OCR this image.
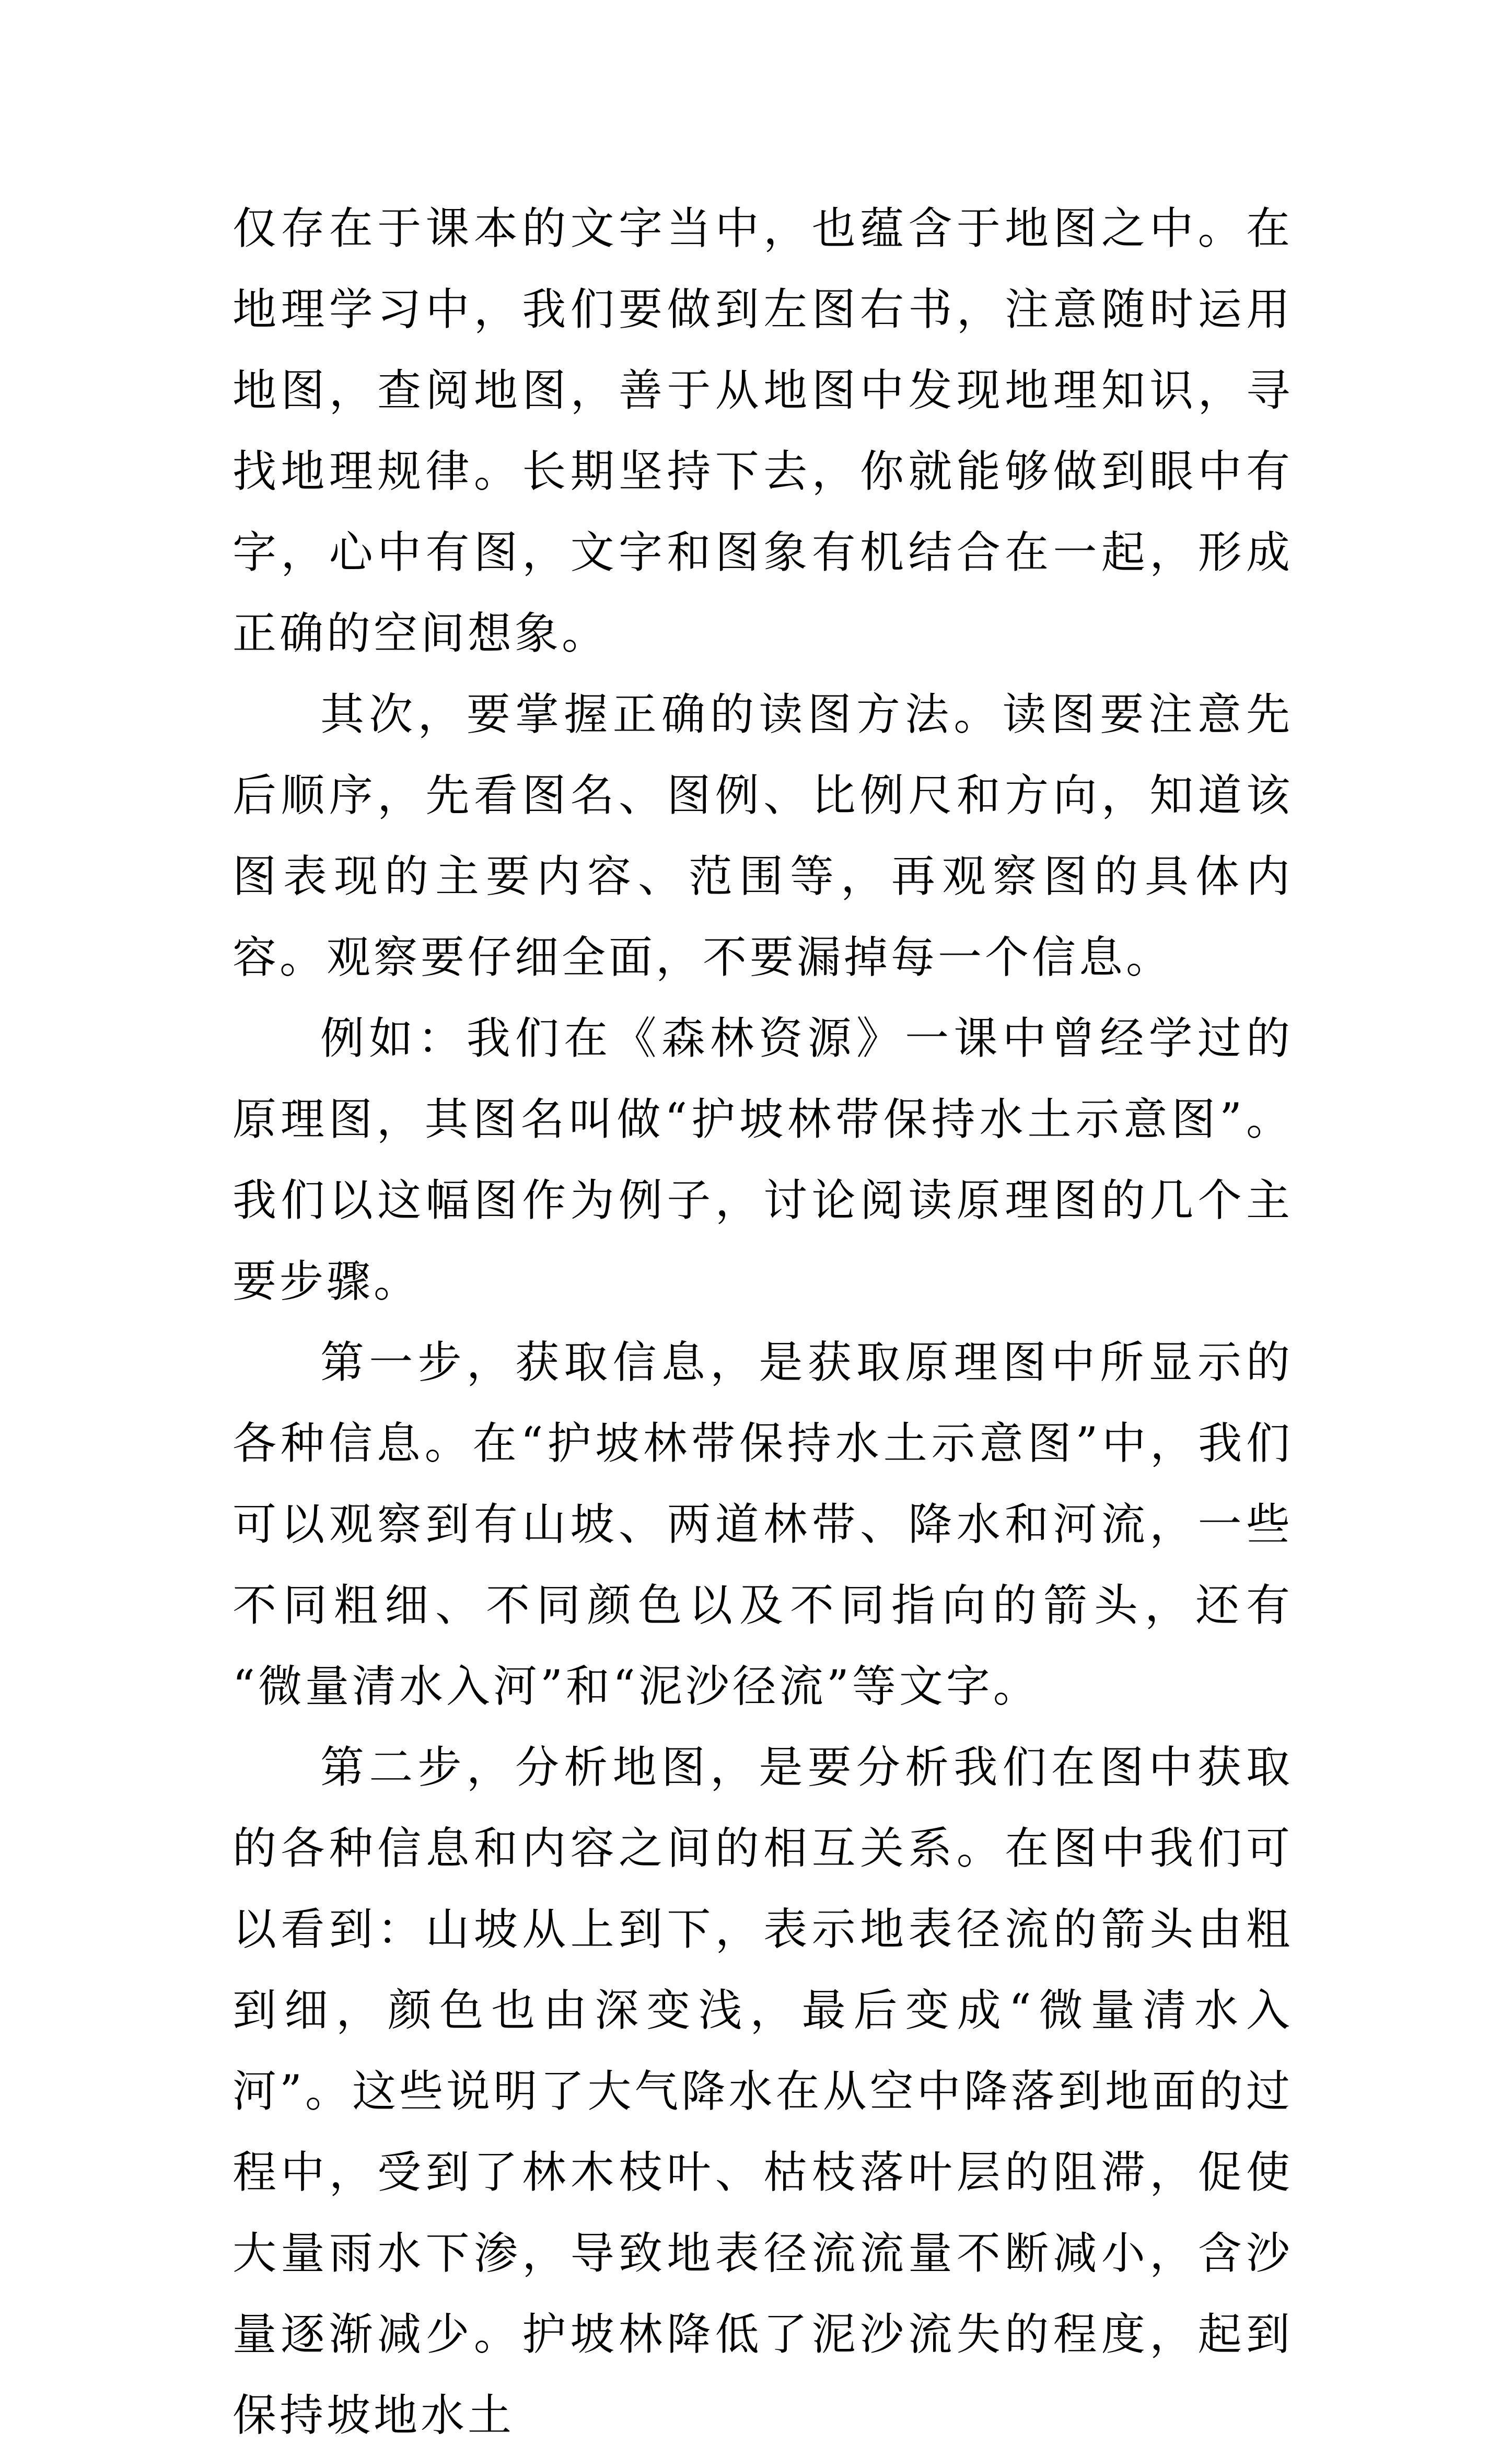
仅存在于课本的文字当中，也蕴含于地图之中。在地理学习中，我们要做到左图右书，注意随时运用地图，查阅地图，善于从地图中发现地理知识，寻找地理规律。长期坚持下去，你就能够做到眼中有字，心中有图，文字和图象有机结合在一起，形成正确的空间想象。

其次，要掌握正确的读图方法。读图要注意先后顺序，先看图名、图例、比例尺和方向，知道该图表现的主要内容、范围等，再观察图的具体内容。观察要仔细全面，不要漏掉每一个信息。

例如：我们在《森林资源》一课中曾经学过的原理图，其图名叫做“护坡林带保持水土示意图”。我们以这幅图作为例子，讨论阅读原理图的几个主要步骤。

第一步，获取信息，是获取原理图中所显示的各种信息。在“护坡林带保持水土示意图”中，我们可以观察到有山坡、两道林带、降水和河流，一些不同粗细、不同颜色以及不同指向的箭头，还有 “微量清水入河”和“泥沙径流”等文字。

第二步，分析地图，是要分析我们在图中获取的各种信息和内容之间的相互关系。在图中我们可以看到：山坡从上到下，表示地表径流的箭头由粗到细，颜色也由深变浅，最后变成“微量清水入河”。这些说明了大气降水在从空中降落到地面的过程中，受到了林木枝叶、枯枝落叶层的阻滞，促使大量雨水下渗，导致地表径流流量不断减小，含沙量逐渐减少。护坡林降低了泥沙流失的程度，起到保持坡地水土
